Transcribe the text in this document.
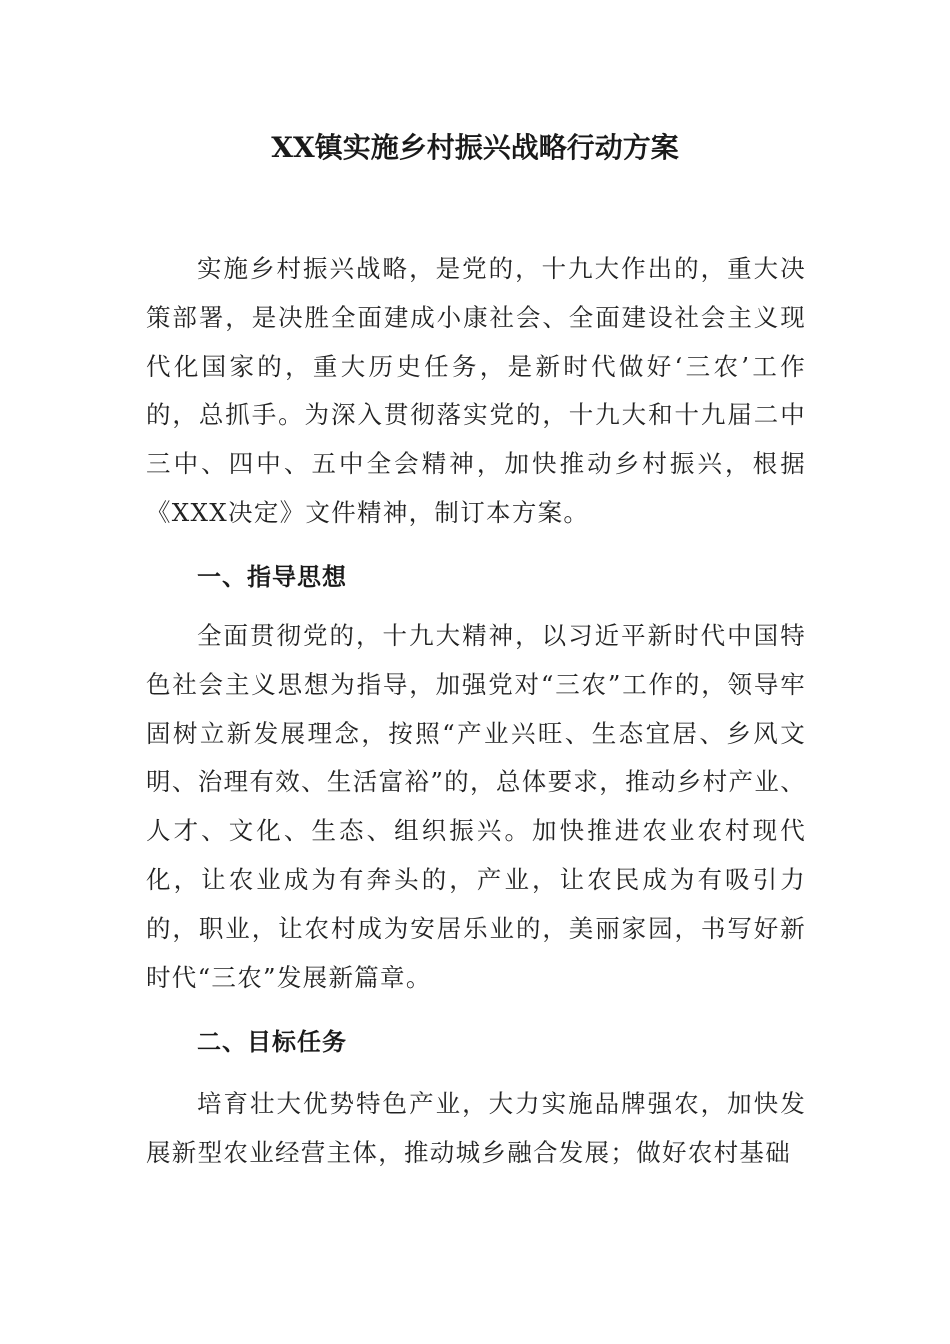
XX镇实施乡村振兴战略行动方案

实施乡村振兴战略，是党的，十九大作出的，重大决策部署，是决胜全面建成小康社会、全面建设社会主义现代化国家的，重大历史任务，是新时代做好‘三农’工作的，总抓手。为深入贯彻落实党的，十九大和十九届二中三中、四中、五中全会精神，加快推动乡村振兴，根据《XXX决定》文件精神，制订本方案。

一、指导思想

全面贯彻党的，十九大精神，以习近平新时代中国特色社会主义思想为指导，加强党对“三农”工作的，领导牢固树立新发展理念，按照“产业兴旺、生态宜居、乡风文明、治理有效、生活富裕”的，总体要求，推动乡村产业、人才、文化、生态、组织振兴。加快推进农业农村现代化，让农业成为有奔头的，产业，让农民成为有吸引力的，职业，让农村成为安居乐业的，美丽家园，书写好新时代“三农”发展新篇章。

二、目标任务

培育壮大优势特色产业，大力实施品牌强农，加快发展新型农业经营主体，推动城乡融合发展；做好农村基础
